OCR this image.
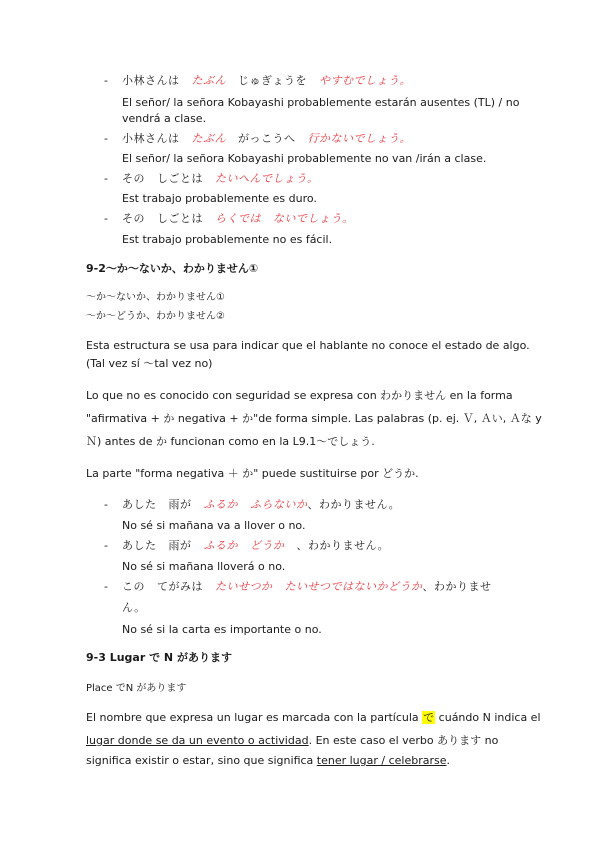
- 小林さんは たぶん じゅぎょうを やすむでしょう。
El señor/ la señora Kobayashi probablemente estarán ausentes (TL) / no
vendrá a clase.
- 小林さんは たぶん がっこうへ 行かないでしょう。
El señor/ la señora Kobayashi probablemente no van /irán a clase.
- その しごとは たいへんでしょう。
Est trabajo probablemente es duro.
- その しごとは らくでは ないでしょう。
Est trabajo probablemente no es fácil.
9-2～か～ないか、わかりません①
～か～ないか、わかりません①
～か～どうか、わかりません②
Esta estructura se usa para indicar que el hablante no conoce el estado de algo.
(Tal vez sí 〜tal vez no)
Lo que no es conocido con seguridad se expresa con わかりません en la forma
"afirmativa + か negativa + か"de forma simple. Las palabras (p. ej. Ｖ, Ａい, Ａな y
Ｎ) antes de か funcionan como en la L9.1〜でしょう.
La parte "forma negativa ＋ か" puede sustituirse por どうか.
- あした 雨が ふるか ふらないか、わかりません。
No sé si mañana va a llover o no.
- あした 雨が ふるか どうか 、わかりません。
No sé si mañana lloverá o no.
- この てがみは たいせつか たいせつではないかどうか、わかりませ
ん。
No sé si la carta es importante o no.
9-3 Lugar で N があります
Place でN があります
El nombre que expresa un lugar es marcada con la partícula で cuándo N indica el
lugar donde se da un evento o actividad. En este caso el verbo あります no
significa existir o estar, sino que significa tener lugar / celebrarse.
